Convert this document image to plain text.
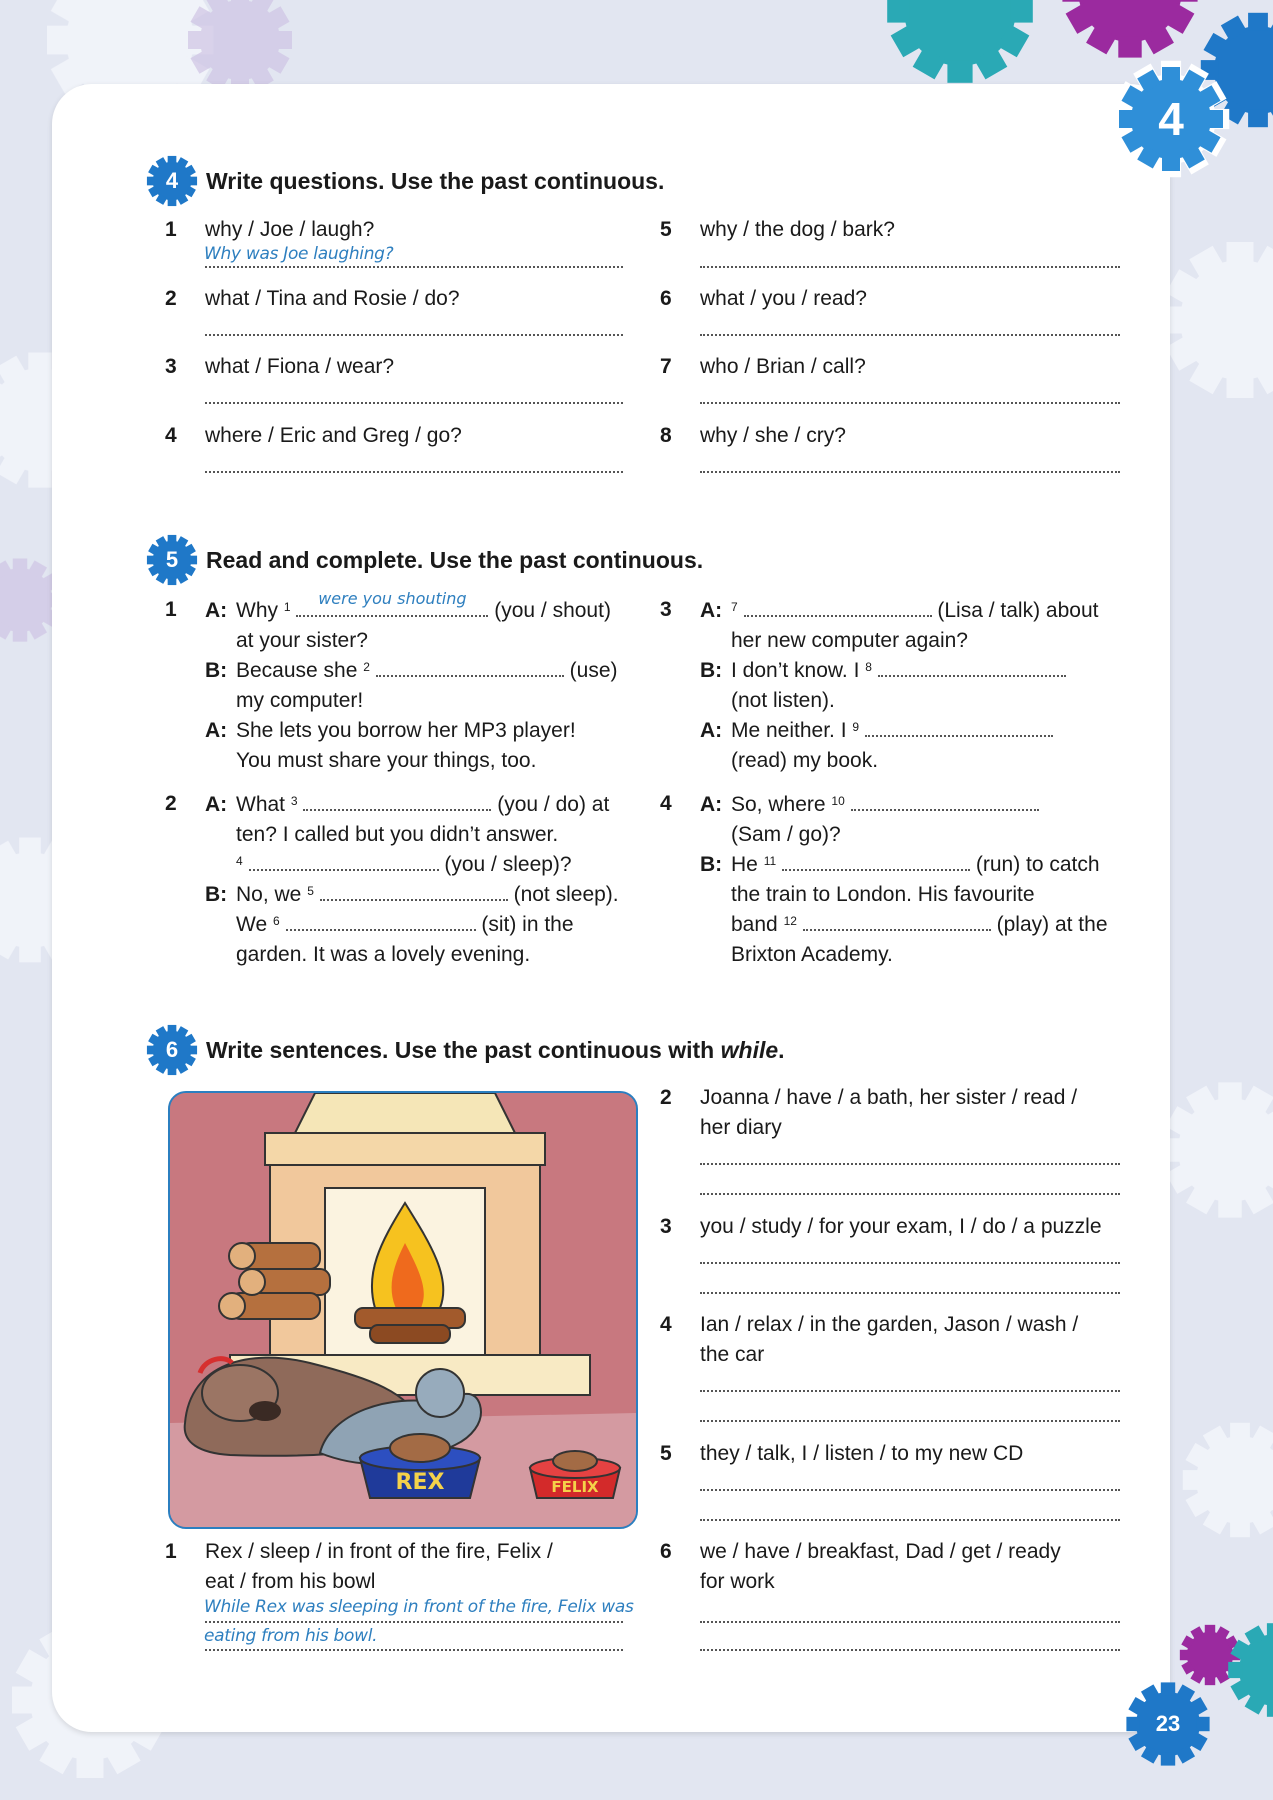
4
4	Write questions. Use the past continuous.
1 why / Joe / laugh?
Why was Joe laughing?
2 what / Tina and Rosie / do?
3 what / Fiona / wear?
4 where / Eric and Greg / go?
5 why / the dog / bark?
6 what / you / read?
7 who / Brian / call?
8 why / she / cry?
5	Read and complete. Use the past continuous.
1 A: Why $^1$	were you shouting
(you / shout)
at your sister?
B: Because she $^2$	(use)
my computer!
A: She lets you borrow her MP3 player!
You must share your things, too.
2 A: What $^3$	(you / do) at
ten? I called but you didn’t answer.
$^4$	(you / sleep)?
B: No, we $^5$	(not sleep).
We $^6$	(sit) in the
garden. It was a lovely evening.
3 A: $^7$	(Lisa / talk) about
her new computer again?
B: I don’t know. I $^8$
(not listen).
A: Me neither. I $^9$
(read) my book.
4 A: So, where $^{10}$
(Sam / go)?
B: He $^{11}$	(run) to catch
the train to London. His favourite
band $^{12}$	(play) at the
Brixton Academy.
6	Write sentences. Use the past continuous with while.
REX	FELIX
1 Rex / sleep / in front of the fire, Felix /
eat / from his bowl
While Rex was sleeping in front of the fire, Felix was
eating from his bowl.
2 Joanna / have / a bath, her sister / read /
her diary
3 you / study / for your exam, I / do / a puzzle
4 Ian / relax / in the garden, Jason / wash /
the car
5 they / talk, I / listen / to my new CD
6 we / have / breakfast, Dad / get / ready
for work
23
